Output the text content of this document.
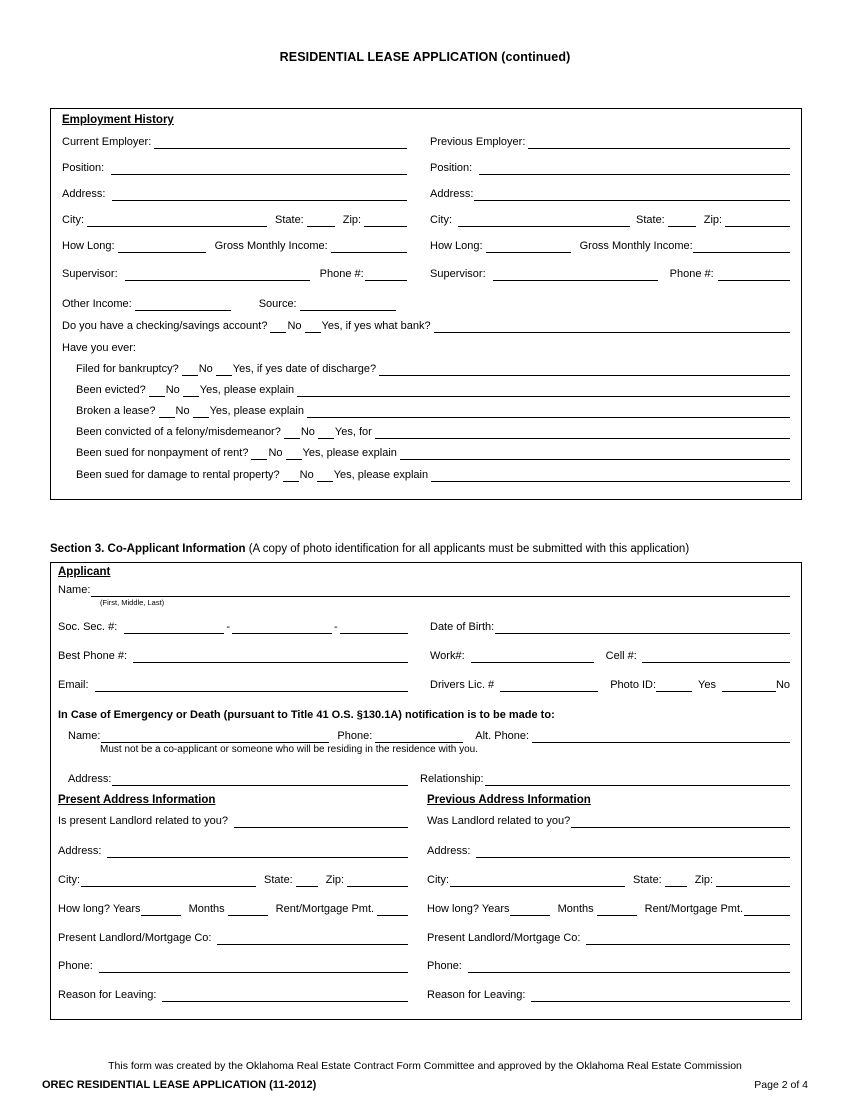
RESIDENTIAL LEASE APPLICATION (continued)
Employment History
Current Employer:
Position:
Address:
City:	State:	Zip:
How Long:	Gross Monthly Income:
Supervisor:	Phone #:
Previous Employer:
Position:
Address:
City:	State:	Zip:
How Long:	Gross Monthly Income:
Supervisor:	Phone #:
Other Income:	Source:
Do you have a checking/savings account? No Yes, if yes what bank?
Have you ever:
Filed for bankruptcy? No Yes, if yes date of discharge?
Been evicted? No Yes, please explain
Broken a lease? No Yes, please explain
Been convicted of a felony/misdemeanor? No Yes, for
Been sued for nonpayment of rent? No Yes, please explain
Been sued for damage to rental property? No Yes, please explain
Section 3. Co-Applicant Information (A copy of photo identification for all applicants must be submitted with this application)
Applicant
Name:
(First, Middle, Last)
Soc. Sec. #:	-	-	Date of Birth:
Best Phone #:	Work#:	Cell #:
Email:	Drivers Lic. #	Photo ID:	Yes	No
In Case of Emergency or Death (pursuant to Title 41 O.S. §130.1A) notification is to be made to:
Name:	Phone:	Alt. Phone:
Must not be a co-applicant or someone who will be residing in the residence with you.
Address:	Relationship:
Present Address Information	Previous Address Information
Is present Landlord related to you?	Was Landlord related to you?
Address:	Address:
City:	State:	Zip:	City:	State:	Zip:
How long? Years	Months	Rent/Mortgage Pmt.	How long? Years	Months	Rent/Mortgage Pmt.
Present Landlord/Mortgage Co:	Present Landlord/Mortgage Co:
Phone:	Phone:
Reason for Leaving:	Reason for Leaving:
This form was created by the Oklahoma Real Estate Contract Form Committee and approved by the Oklahoma Real Estate Commission
OREC RESIDENTIAL LEASE APPLICATION (11-2012)	Page 2 of 4
